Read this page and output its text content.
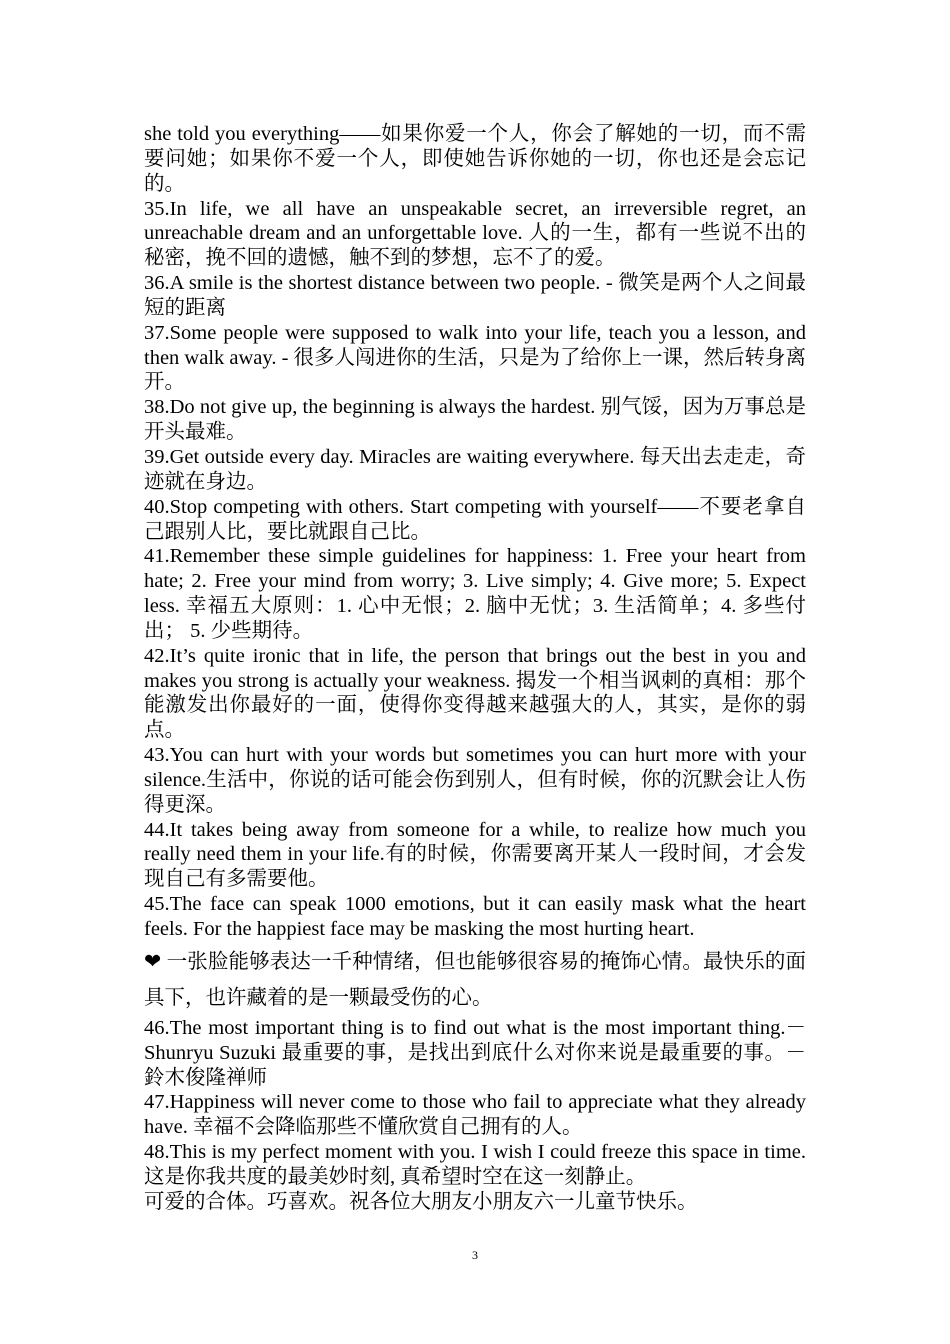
she told you everything——如果你爱一个人，你会了解她的一切，而不需要问她；如果你不爱一个人，即使她告诉你她的一切，你也还是会忘记的。

35.In life, we all have an unspeakable secret, an irreversible regret, an unreachable dream and an unforgettable love. 人的一生，都有一些说不出的秘密，挽不回的遗憾，触不到的梦想，忘不了的爱。

36.A smile is the shortest distance between two people. - 微笑是两个人之间最短的距离

37.Some people were supposed to walk into your life, teach you a lesson, and then walk away. - 很多人闯进你的生活，只是为了给你上一课，然后转身离开。

38.Do not give up, the beginning is always the hardest. 别气馁，因为万事总是开头最难。

39.Get outside every day. Miracles are waiting everywhere. 每天出去走走，奇迹就在身边。

40.Stop competing with others. Start competing with yourself——不要老拿自己跟别人比，要比就跟自己比。

41.Remember these simple guidelines for happiness: 1. Free your heart from hate; 2. Free your mind from worry; 3. Live simply; 4. Give more; 5. Expect less. 幸福五大原则：1. 心中无恨；2. 脑中无忧；3. 生活简单；4. 多些付出； 5. 少些期待。

42.It’s quite ironic that in life, the person that brings out the best in you and makes you strong is actually your weakness. 揭发一个相当讽刺的真相：那个能激发出你最好的一面，使得你变得越来越强大的人，其实，是你的弱点。

43.You can hurt with your words but sometimes you can hurt more with your silence.生活中，你说的话可能会伤到别人，但有时候，你的沉默会让人伤得更深。

44.It takes being away from someone for a while, to realize how much you really need them in your life.有的时候，你需要离开某人一段时间，才会发现自己有多需要他。

45.The face can speak 1000 emotions, but it can easily mask what the heart feels. For the happiest face may be masking the most hurting heart.

❤ 一张脸能够表达一千种情绪，但也能够很容易的掩饰心情。最快乐的面具下，也许藏着的是一颗最受伤的心。

46.The most important thing is to find out what is the most important thing.－Shunryu Suzuki 最重要的事，是找出到底什么对你来说是最重要的事。－鈴木俊隆禅师

47.Happiness will never come to those who fail to appreciate what they already have. 幸福不会降临那些不懂欣赏自己拥有的人。

48.This is my perfect moment with you. I wish I could freeze this space in time. 这是你我共度的最美妙时刻, 真希望时空在这一刻静止。

可爱的合体。巧喜欢。祝各位大朋友小朋友六一儿童节快乐。

3
